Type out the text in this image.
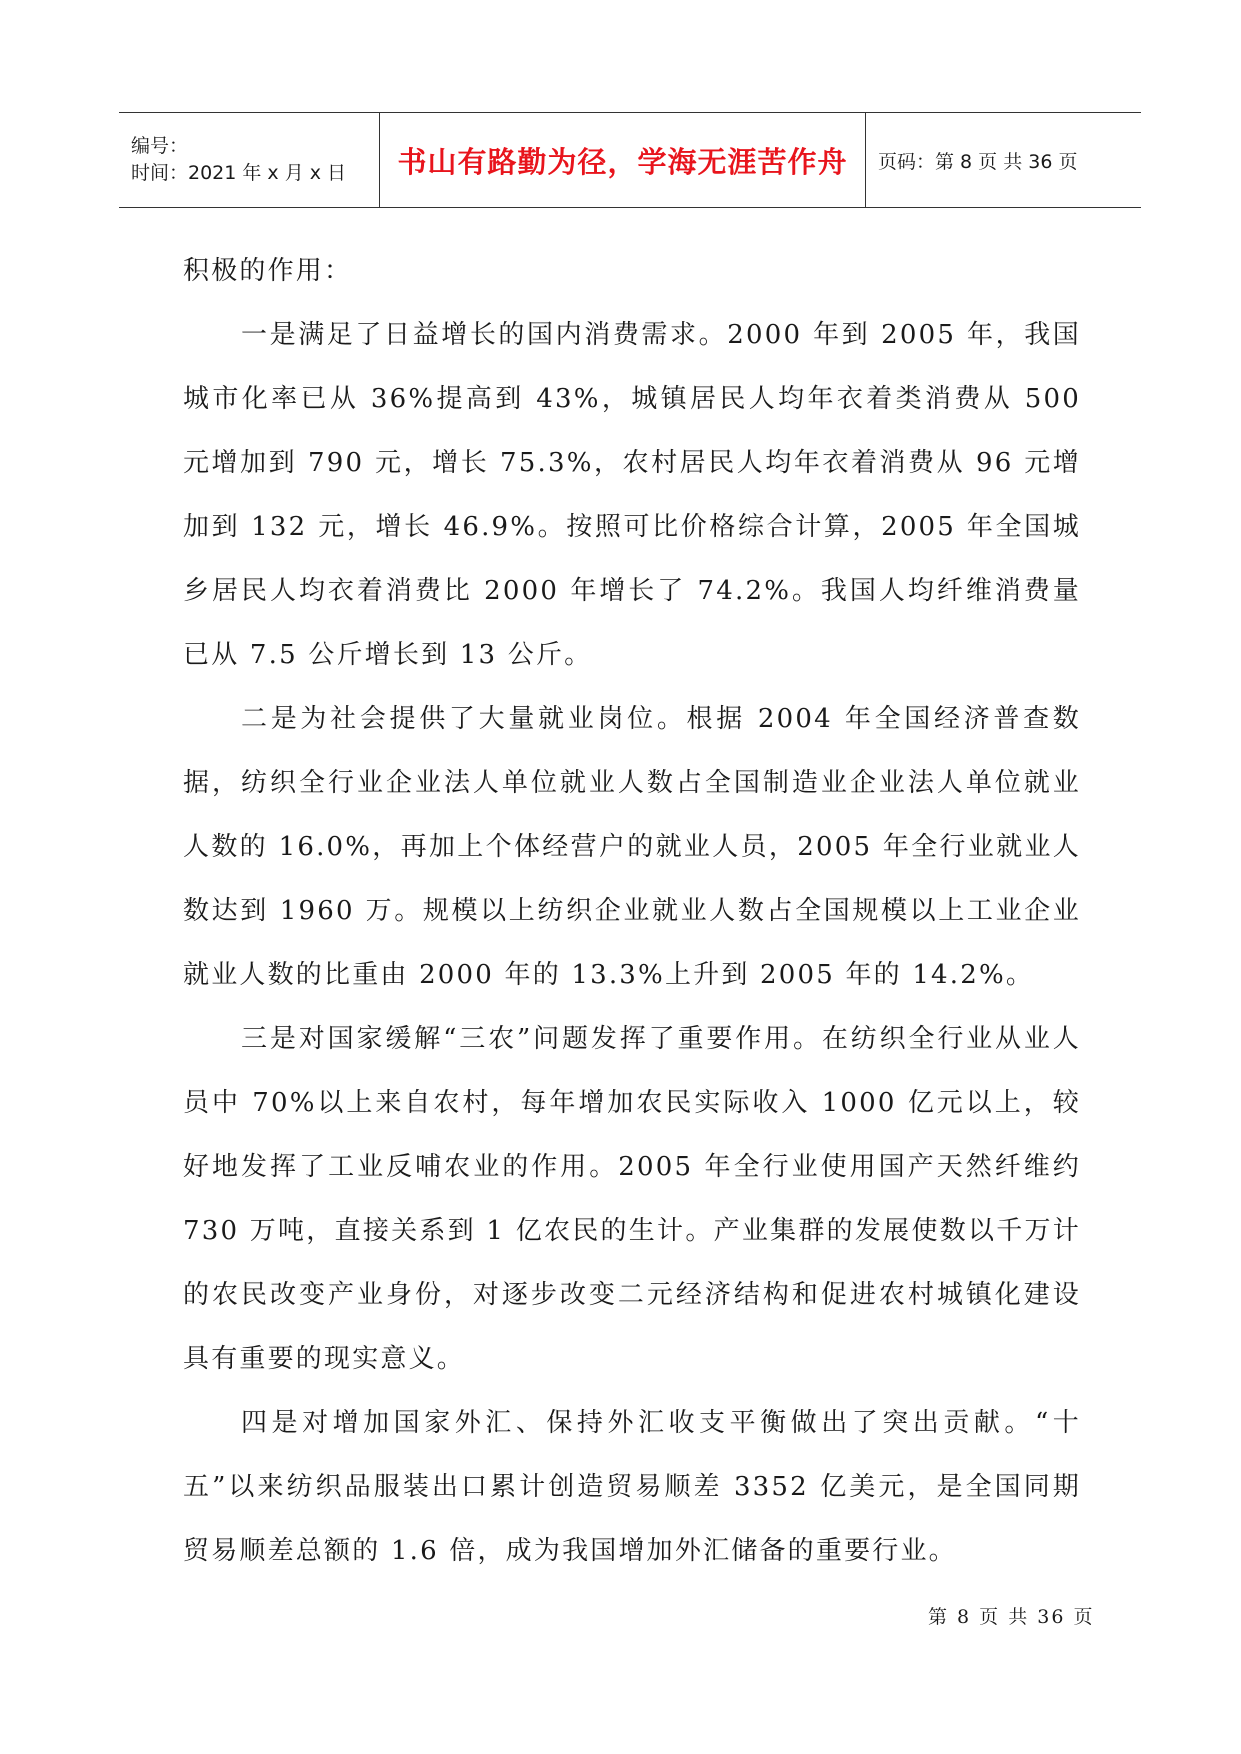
编号：
时间：2021 年 x 月 x 日	书山有路勤为径，学海无涯苦作舟 页码：第 8 页 共 36 页

积极的作用：

一是满足了日益增长的国内消费需求。2000 年到 2005 年，我国城市化率已从 36%提高到 43%，城镇居民人均年衣着类消费从 500 元增加到 790 元，增长 75.3%，农村居民人均年衣着消费从 96 元增加到 132 元，增长 46.9%。按照可比价格综合计算，2005 年全国城乡居民人均衣着消费比 2000 年增长了 74.2%。我国人均纤维消费量已从 7.5 公斤增长到 13 公斤。

二是为社会提供了大量就业岗位。根据 2004 年全国经济普查数据，纺织全行业企业法人单位就业人数占全国制造业企业法人单位就业人数的 16.0%，再加上个体经营户的就业人员，2005 年全行业就业人数达到 1960 万。规模以上纺织企业就业人数占全国规模以上工业企业就业人数的比重由 2000 年的 13.3%上升到 2005 年的 14.2%。

三是对国家缓解“三农”问题发挥了重要作用。在纺织全行业从业人员中 70%以上来自农村，每年增加农民实际收入 1000 亿元以上，较好地发挥了工业反哺农业的作用。2005 年全行业使用国产天然纤维约 730 万吨，直接关系到 1 亿农民的生计。产业集群的发展使数以千万计的农民改变产业身份，对逐步改变二元经济结构和促进农村城镇化建设具有重要的现实意义。

四是对增加国家外汇、保持外汇收支平衡做出了突出贡献。“十五”以来纺织品服装出口累计创造贸易顺差 3352 亿美元，是全国同期贸易顺差总额的 1.6 倍，成为我国增加外汇储备的重要行业。

第 8 页 共 36 页
